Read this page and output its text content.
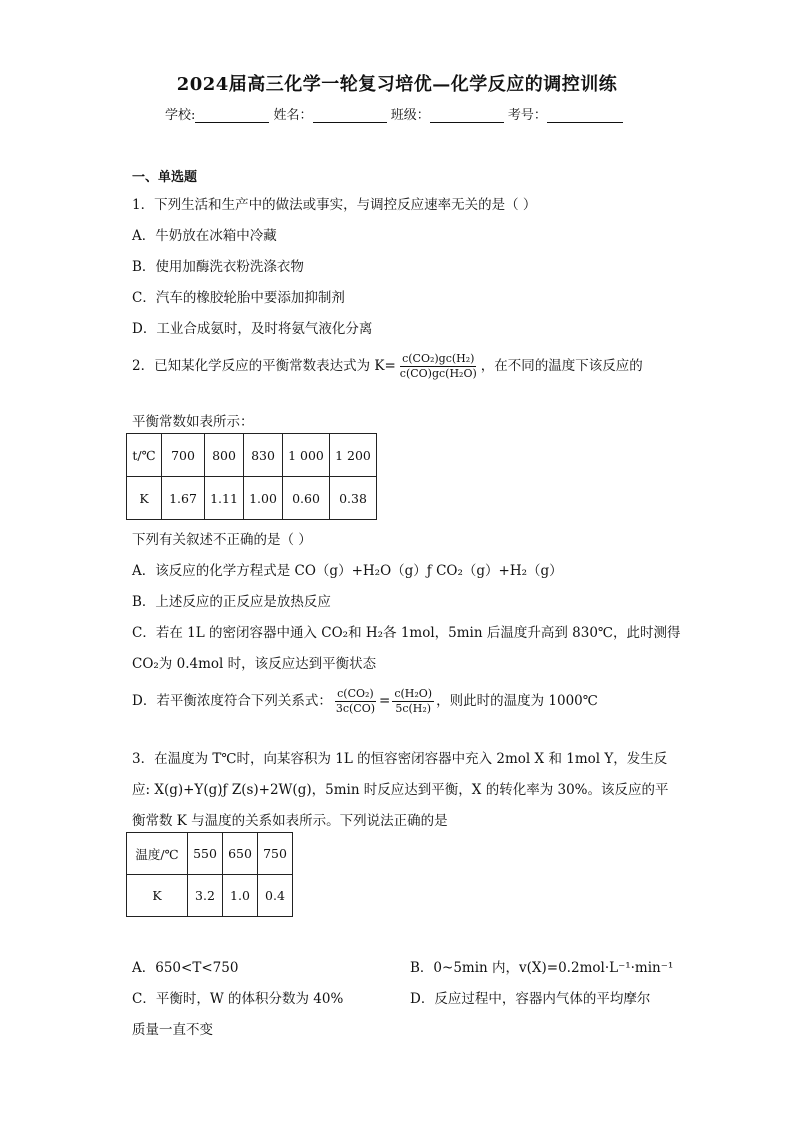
2024届高三化学一轮复习培优—化学反应的调控训练
学校:	姓名：	班级：	考号：
一、单选题
1．下列生活和生产中的做法或事实，与调控反应速率无关的是（ ）
A．牛奶放在冰箱中冷藏
B．使用加酶洗衣粉洗涤衣物
C．汽车的橡胶轮胎中要添加抑制剂
D．工业合成氨时，及时将氨气液化分离
2．已知某化学反应的平衡常数表达式为 $K= \frac{\text{c(CO₂)gc(H₂)}}{\text{c(CO)gc(H₂O)}}$ ，在不同的温度下该反应的
平衡常数如表所示：
t/℃	700	800	830	1 000	1 200
K	1.67	1.11	1.00	0.60	0.38
下列有关叙述不正确的是（ ）
A．该反应的化学方程式是 CO（g）+H₂O（g）ƒ CO₂（g）+H₂（g）
B．上述反应的正反应是放热反应
C．若在 1L 的密闭容器中通入 CO₂和 H₂各 1mol，5min 后温度升高到 830℃，此时测得
CO₂为 0.4mol 时，该反应达到平衡状态
D．若平衡浓度符合下列关系式： $\frac{\text{c(CO₂)}}{3c(CO)} = \frac{\text{c(H₂O)}}{\text{5c(H₂)}}$ ，则此时的温度为 1000℃
3．在温度为 T℃时，向某容积为 1L 的恒容密闭容器中充入 2mol X 和 1mol Y，发生反
应: X(g)+Y(g)ƒ Z(s)+2W(g)，5min 时反应达到平衡，X 的转化率为 30%。该反应的平
衡常数 K 与温度的关系如表所示。下列说法正确的是
温度/℃	550	650	750
K	3.2	1.0	0.4
A．650<T<750	B．0~5min 内，v(X)=0.2mol·L⁻¹·min⁻¹
C．平衡时，W 的体积分数为 40%	D．反应过程中，容器内气体的平均摩尔
质量一直不变
